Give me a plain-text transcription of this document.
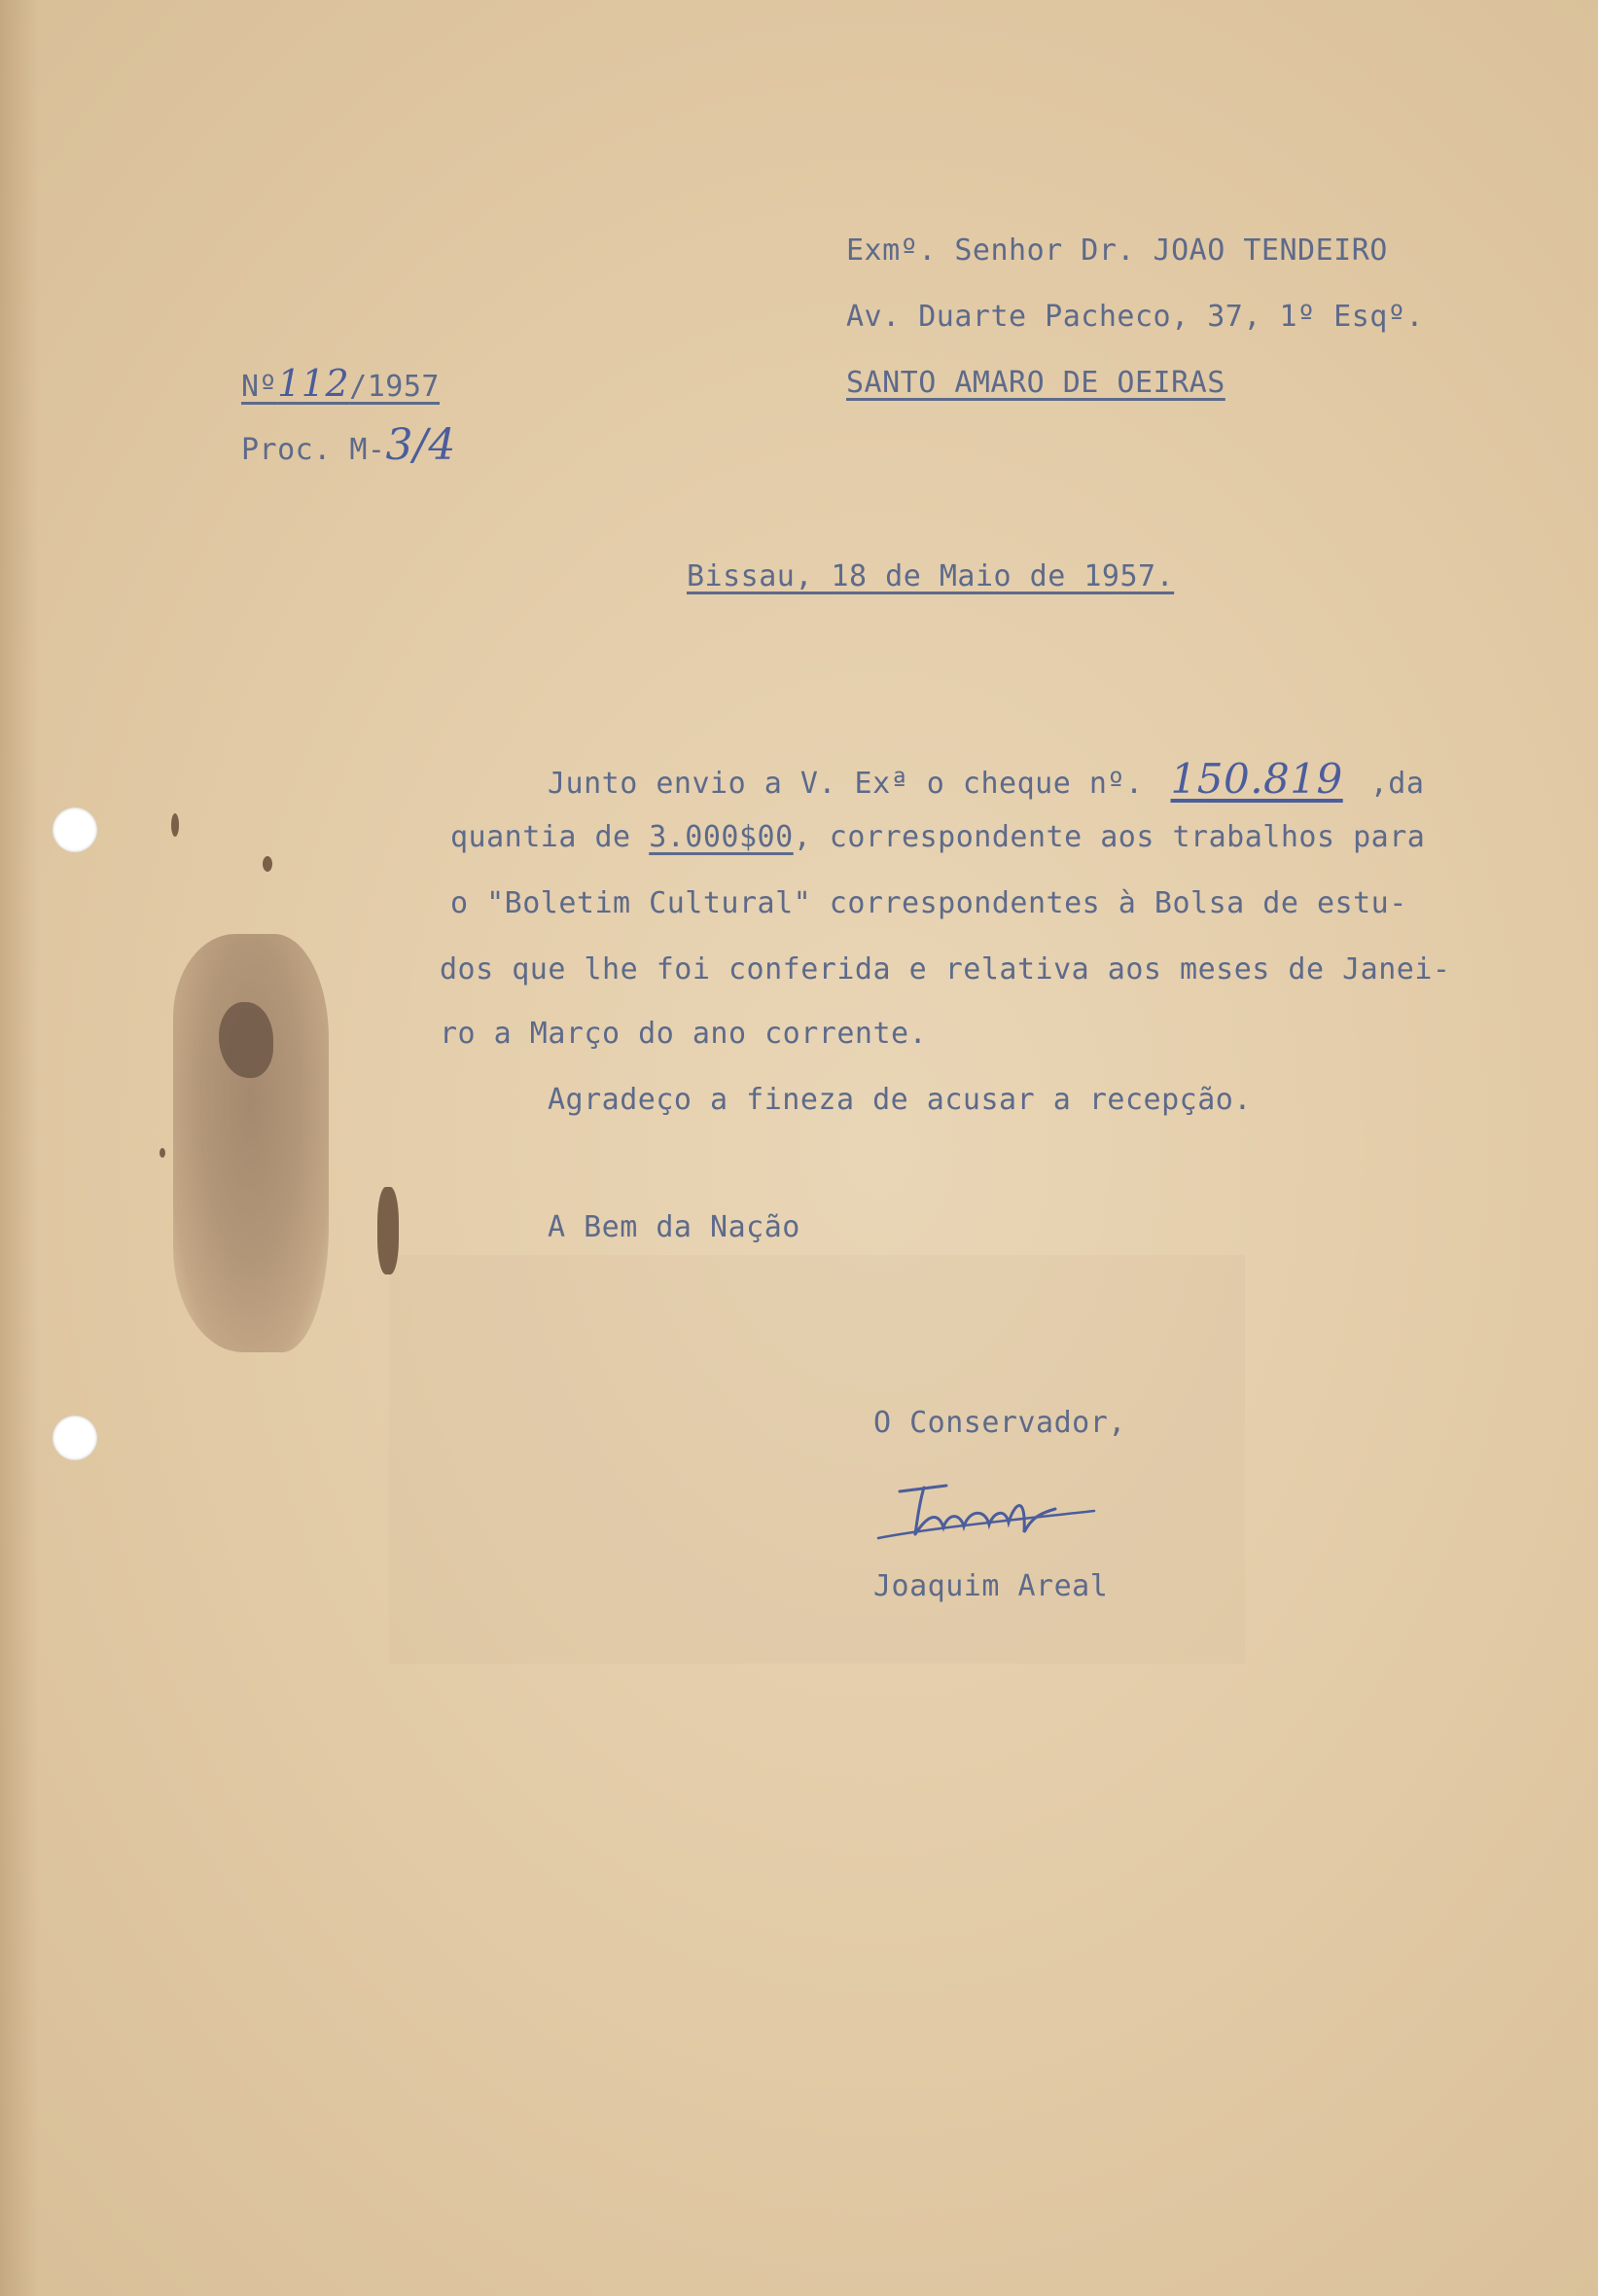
Exmº. Senhor Dr. JOAO TENDEIRO
Av. Duarte Pacheco, 37, 1º Esqº.
SANTO AMARO DE OEIRAS
Nº112/1957
Proc. M-3/4
Bissau, 18 de Maio de 1957.
Junto envio a V. Exª o cheque nº. 150.819 ,da
quantia de 3.000$00, correspondente aos trabalhos para
o "Boletim Cultural" correspondentes à Bolsa de estu-
dos que lhe foi conferida e relativa aos meses de Janei-
ro a Março do ano corrente.
Agradeço a fineza de acusar a recepção.
A Bem da Nação
O Conservador,
Joaquim Areal
